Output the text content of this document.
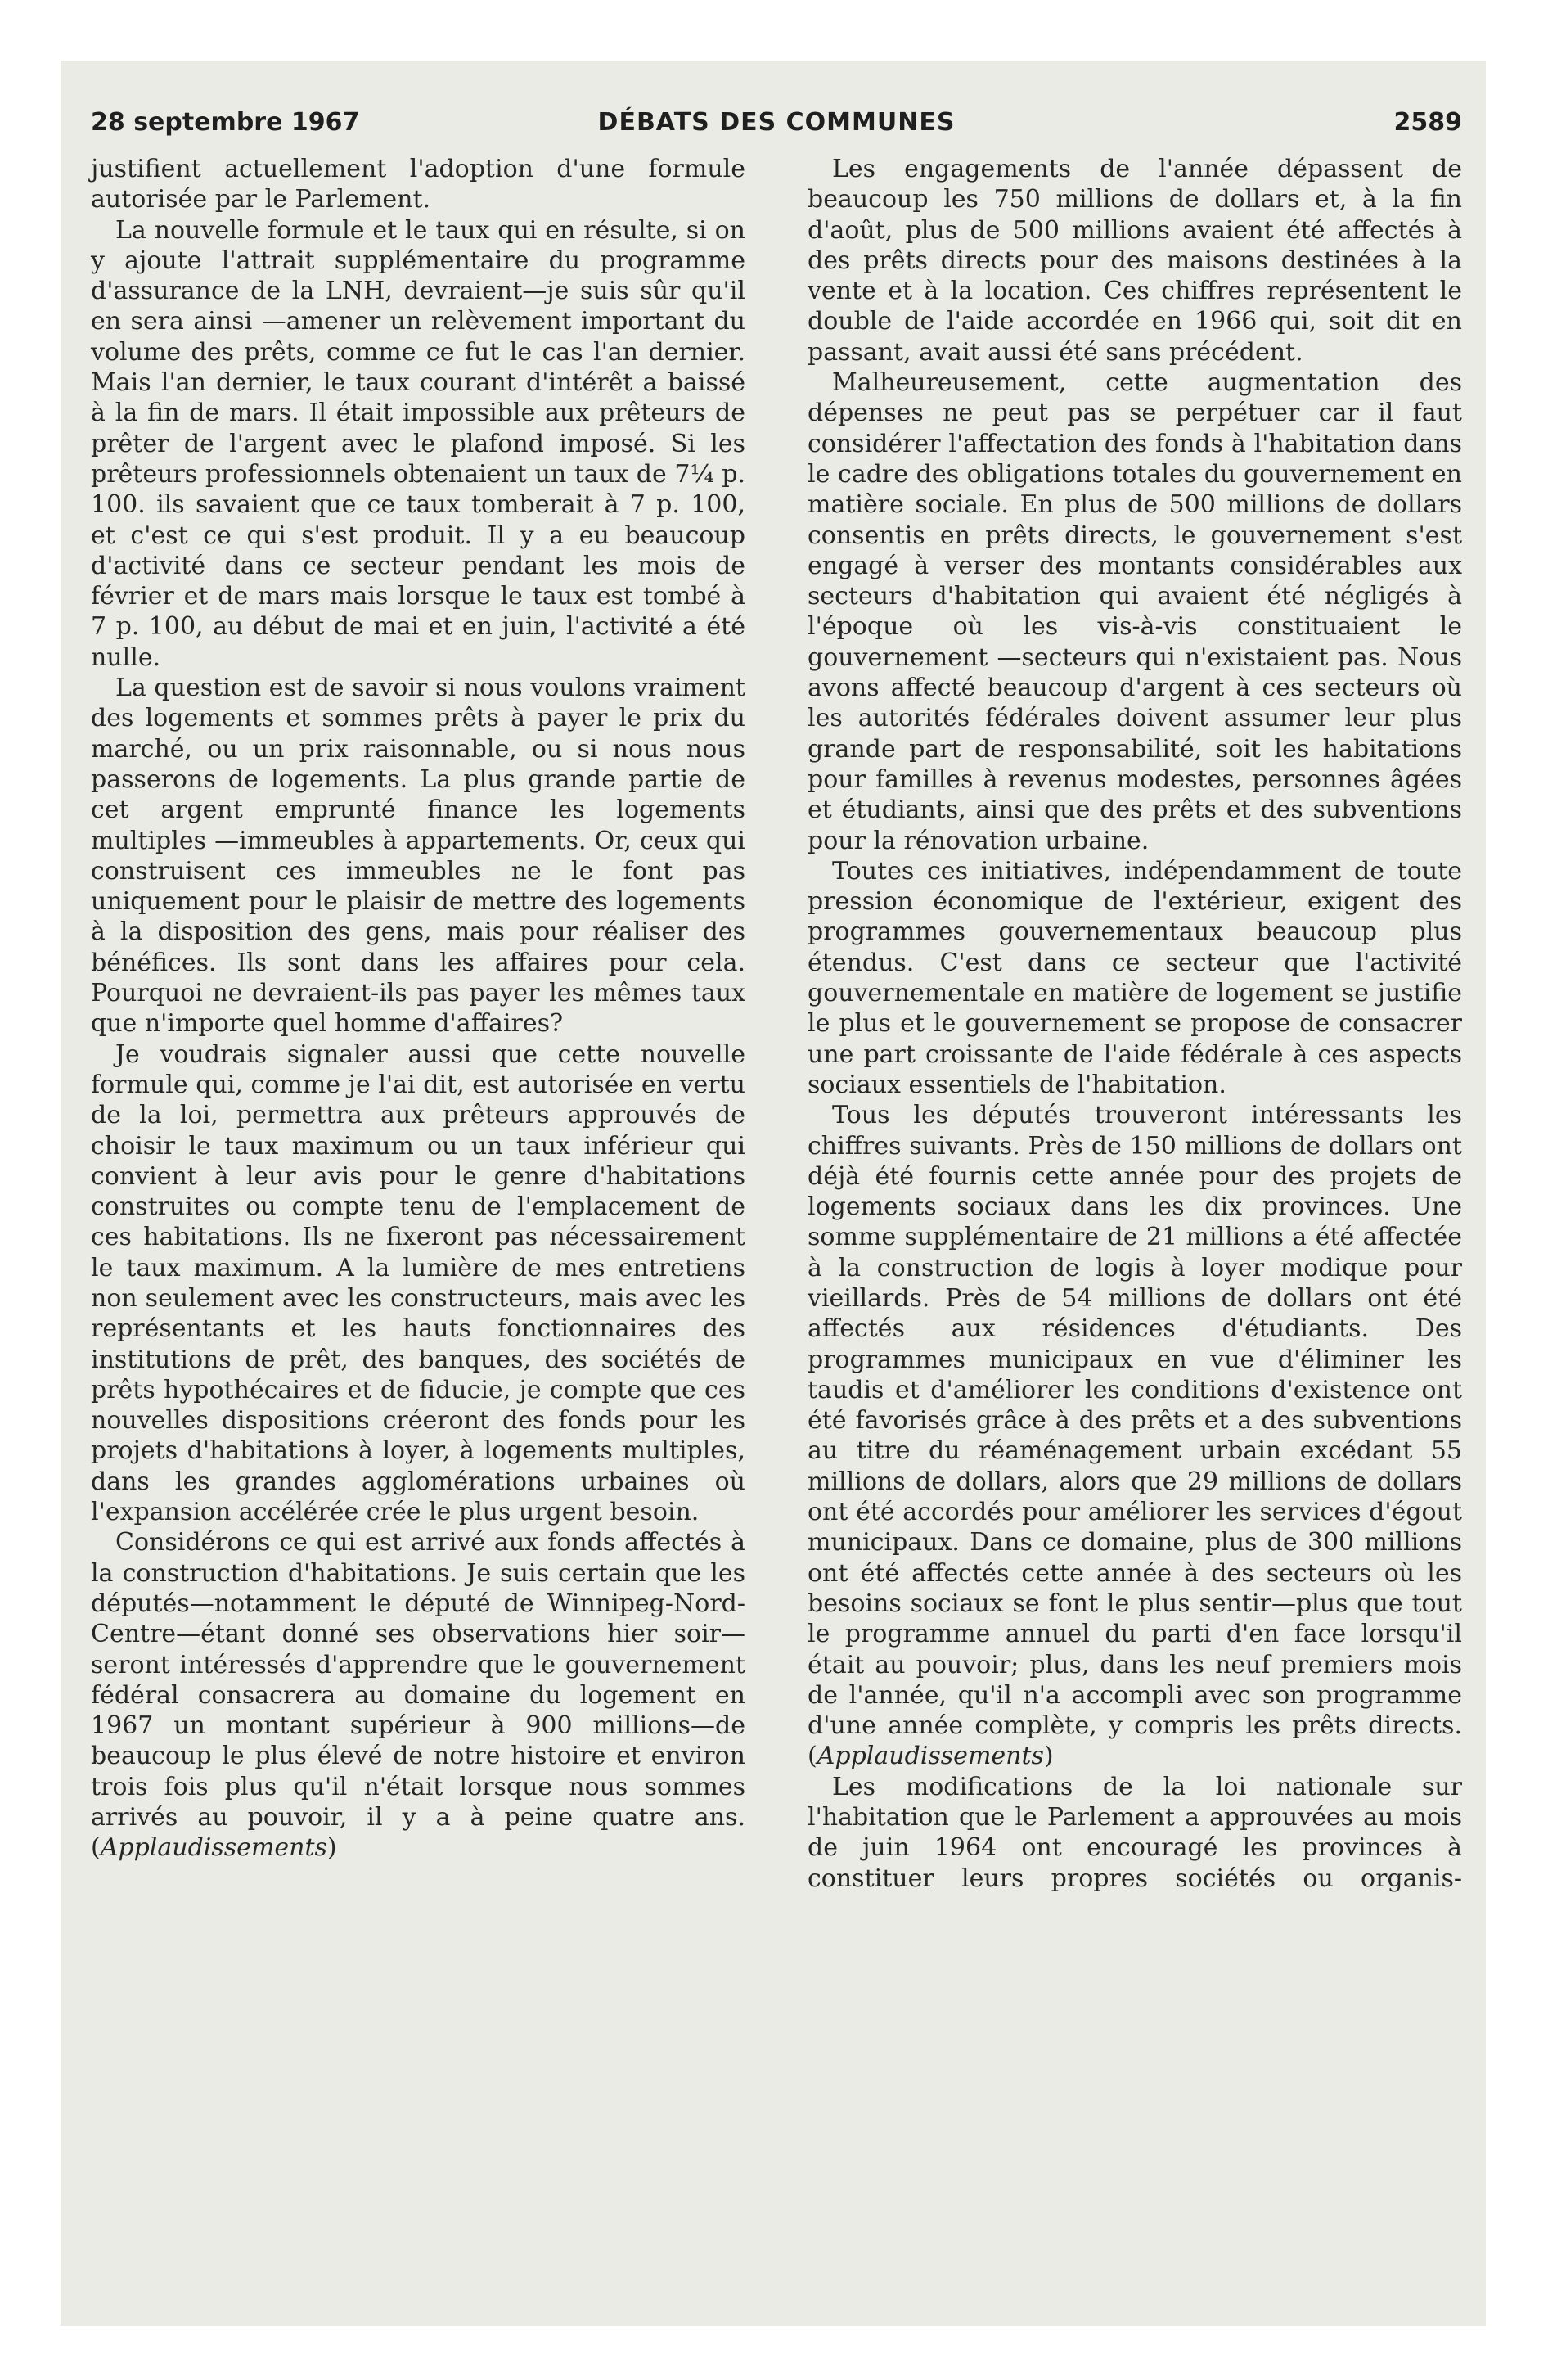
28 septembre 1967	DÉBATS DES COMMUNES	2589

justifient actuellement l'adoption d'une formule autorisée par le Parlement.

La nouvelle formule et le taux qui en résulte, si on y ajoute l'attrait supplémentaire du programme d'assurance de la LNH, devraient—je suis sûr qu'il en sera ainsi —amener un relèvement important du volume des prêts, comme ce fut le cas l'an dernier. Mais l'an dernier, le taux courant d'intérêt a baissé à la fin de mars. Il était impossible aux prêteurs de prêter de l'argent avec le plafond imposé. Si les prêteurs professionnels obtenaient un taux de 7¼ p. 100. ils savaient que ce taux tomberait à 7 p. 100, et c'est ce qui s'est produit. Il y a eu beaucoup d'activité dans ce secteur pendant les mois de février et de mars mais lorsque le taux est tombé à 7 p. 100, au début de mai et en juin, l'activité a été nulle.

La question est de savoir si nous voulons vraiment des logements et sommes prêts à payer le prix du marché, ou un prix raisonnable, ou si nous nous passerons de logements. La plus grande partie de cet argent emprunté finance les logements multiples —immeubles à appartements. Or, ceux qui construisent ces immeubles ne le font pas uniquement pour le plaisir de mettre des logements à la disposition des gens, mais pour réaliser des bénéfices. Ils sont dans les affaires pour cela. Pourquoi ne devraient-ils pas payer les mêmes taux que n'importe quel homme d'affaires?

Je voudrais signaler aussi que cette nouvelle formule qui, comme je l'ai dit, est autorisée en vertu de la loi, permettra aux prêteurs approuvés de choisir le taux maximum ou un taux inférieur qui convient à leur avis pour le genre d'habitations construites ou compte tenu de l'emplacement de ces habitations. Ils ne fixeront pas nécessairement le taux maximum. A la lumière de mes entretiens non seulement avec les constructeurs, mais avec les représentants et les hauts fonctionnaires des institutions de prêt, des banques, des sociétés de prêts hypothécaires et de fiducie, je compte que ces nouvelles dispositions créeront des fonds pour les projets d'habitations à loyer, à logements multiples, dans les grandes agglomérations urbaines où l'expansion accélérée crée le plus urgent besoin.

Considérons ce qui est arrivé aux fonds affectés à la construction d'habitations. Je suis certain que les députés—notamment le député de Winnipeg-Nord-Centre—étant donné ses observations hier soir—seront intéressés d'apprendre que le gouvernement fédéral consacrera au domaine du logement en 1967 un montant supérieur à 900 millions—de beaucoup le plus élevé de notre histoire et environ trois fois plus qu'il n'était lorsque nous sommes arrivés au pouvoir, il y a à peine quatre ans. (Applaudissements)

Les engagements de l'année dépassent de beaucoup les 750 millions de dollars et, à la fin d'août, plus de 500 millions avaient été affectés à des prêts directs pour des maisons destinées à la vente et à la location. Ces chiffres représentent le double de l'aide accordée en 1966 qui, soit dit en passant, avait aussi été sans précédent.

Malheureusement, cette augmentation des dépenses ne peut pas se perpétuer car il faut considérer l'affectation des fonds à l'habitation dans le cadre des obligations totales du gouvernement en matière sociale. En plus de 500 millions de dollars consentis en prêts directs, le gouvernement s'est engagé à verser des montants considérables aux secteurs d'habitation qui avaient été négligés à l'époque où les vis-à-vis constituaient le gouvernement —secteurs qui n'existaient pas. Nous avons affecté beaucoup d'argent à ces secteurs où les autorités fédérales doivent assumer leur plus grande part de responsabilité, soit les habitations pour familles à revenus modestes, personnes âgées et étudiants, ainsi que des prêts et des subventions pour la rénovation urbaine.

Toutes ces initiatives, indépendamment de toute pression économique de l'extérieur, exigent des programmes gouvernementaux beaucoup plus étendus. C'est dans ce secteur que l'activité gouvernementale en matière de logement se justifie le plus et le gouvernement se propose de consacrer une part croissante de l'aide fédérale à ces aspects sociaux essentiels de l'habitation.

Tous les députés trouveront intéressants les chiffres suivants. Près de 150 millions de dollars ont déjà été fournis cette année pour des projets de logements sociaux dans les dix provinces. Une somme supplémentaire de 21 millions a été affectée à la construction de logis à loyer modique pour vieillards. Près de 54 millions de dollars ont été affectés aux résidences d'étudiants. Des programmes municipaux en vue d'éliminer les taudis et d'améliorer les conditions d'existence ont été favorisés grâce à des prêts et a des subventions au titre du réaménagement urbain excédant 55 millions de dollars, alors que 29 millions de dollars ont été accordés pour améliorer les services d'égout municipaux. Dans ce domaine, plus de 300 millions ont été affectés cette année à des secteurs où les besoins sociaux se font le plus sentir—plus que tout le programme annuel du parti d'en face lorsqu'il était au pouvoir; plus, dans les neuf premiers mois de l'année, qu'il n'a accompli avec son programme d'une année complète, y compris les prêts directs. (Applaudissements)

Les modifications de la loi nationale sur l'habitation que le Parlement a approuvées au mois de juin 1964 ont encouragé les provinces à constituer leurs propres sociétés ou organis-
